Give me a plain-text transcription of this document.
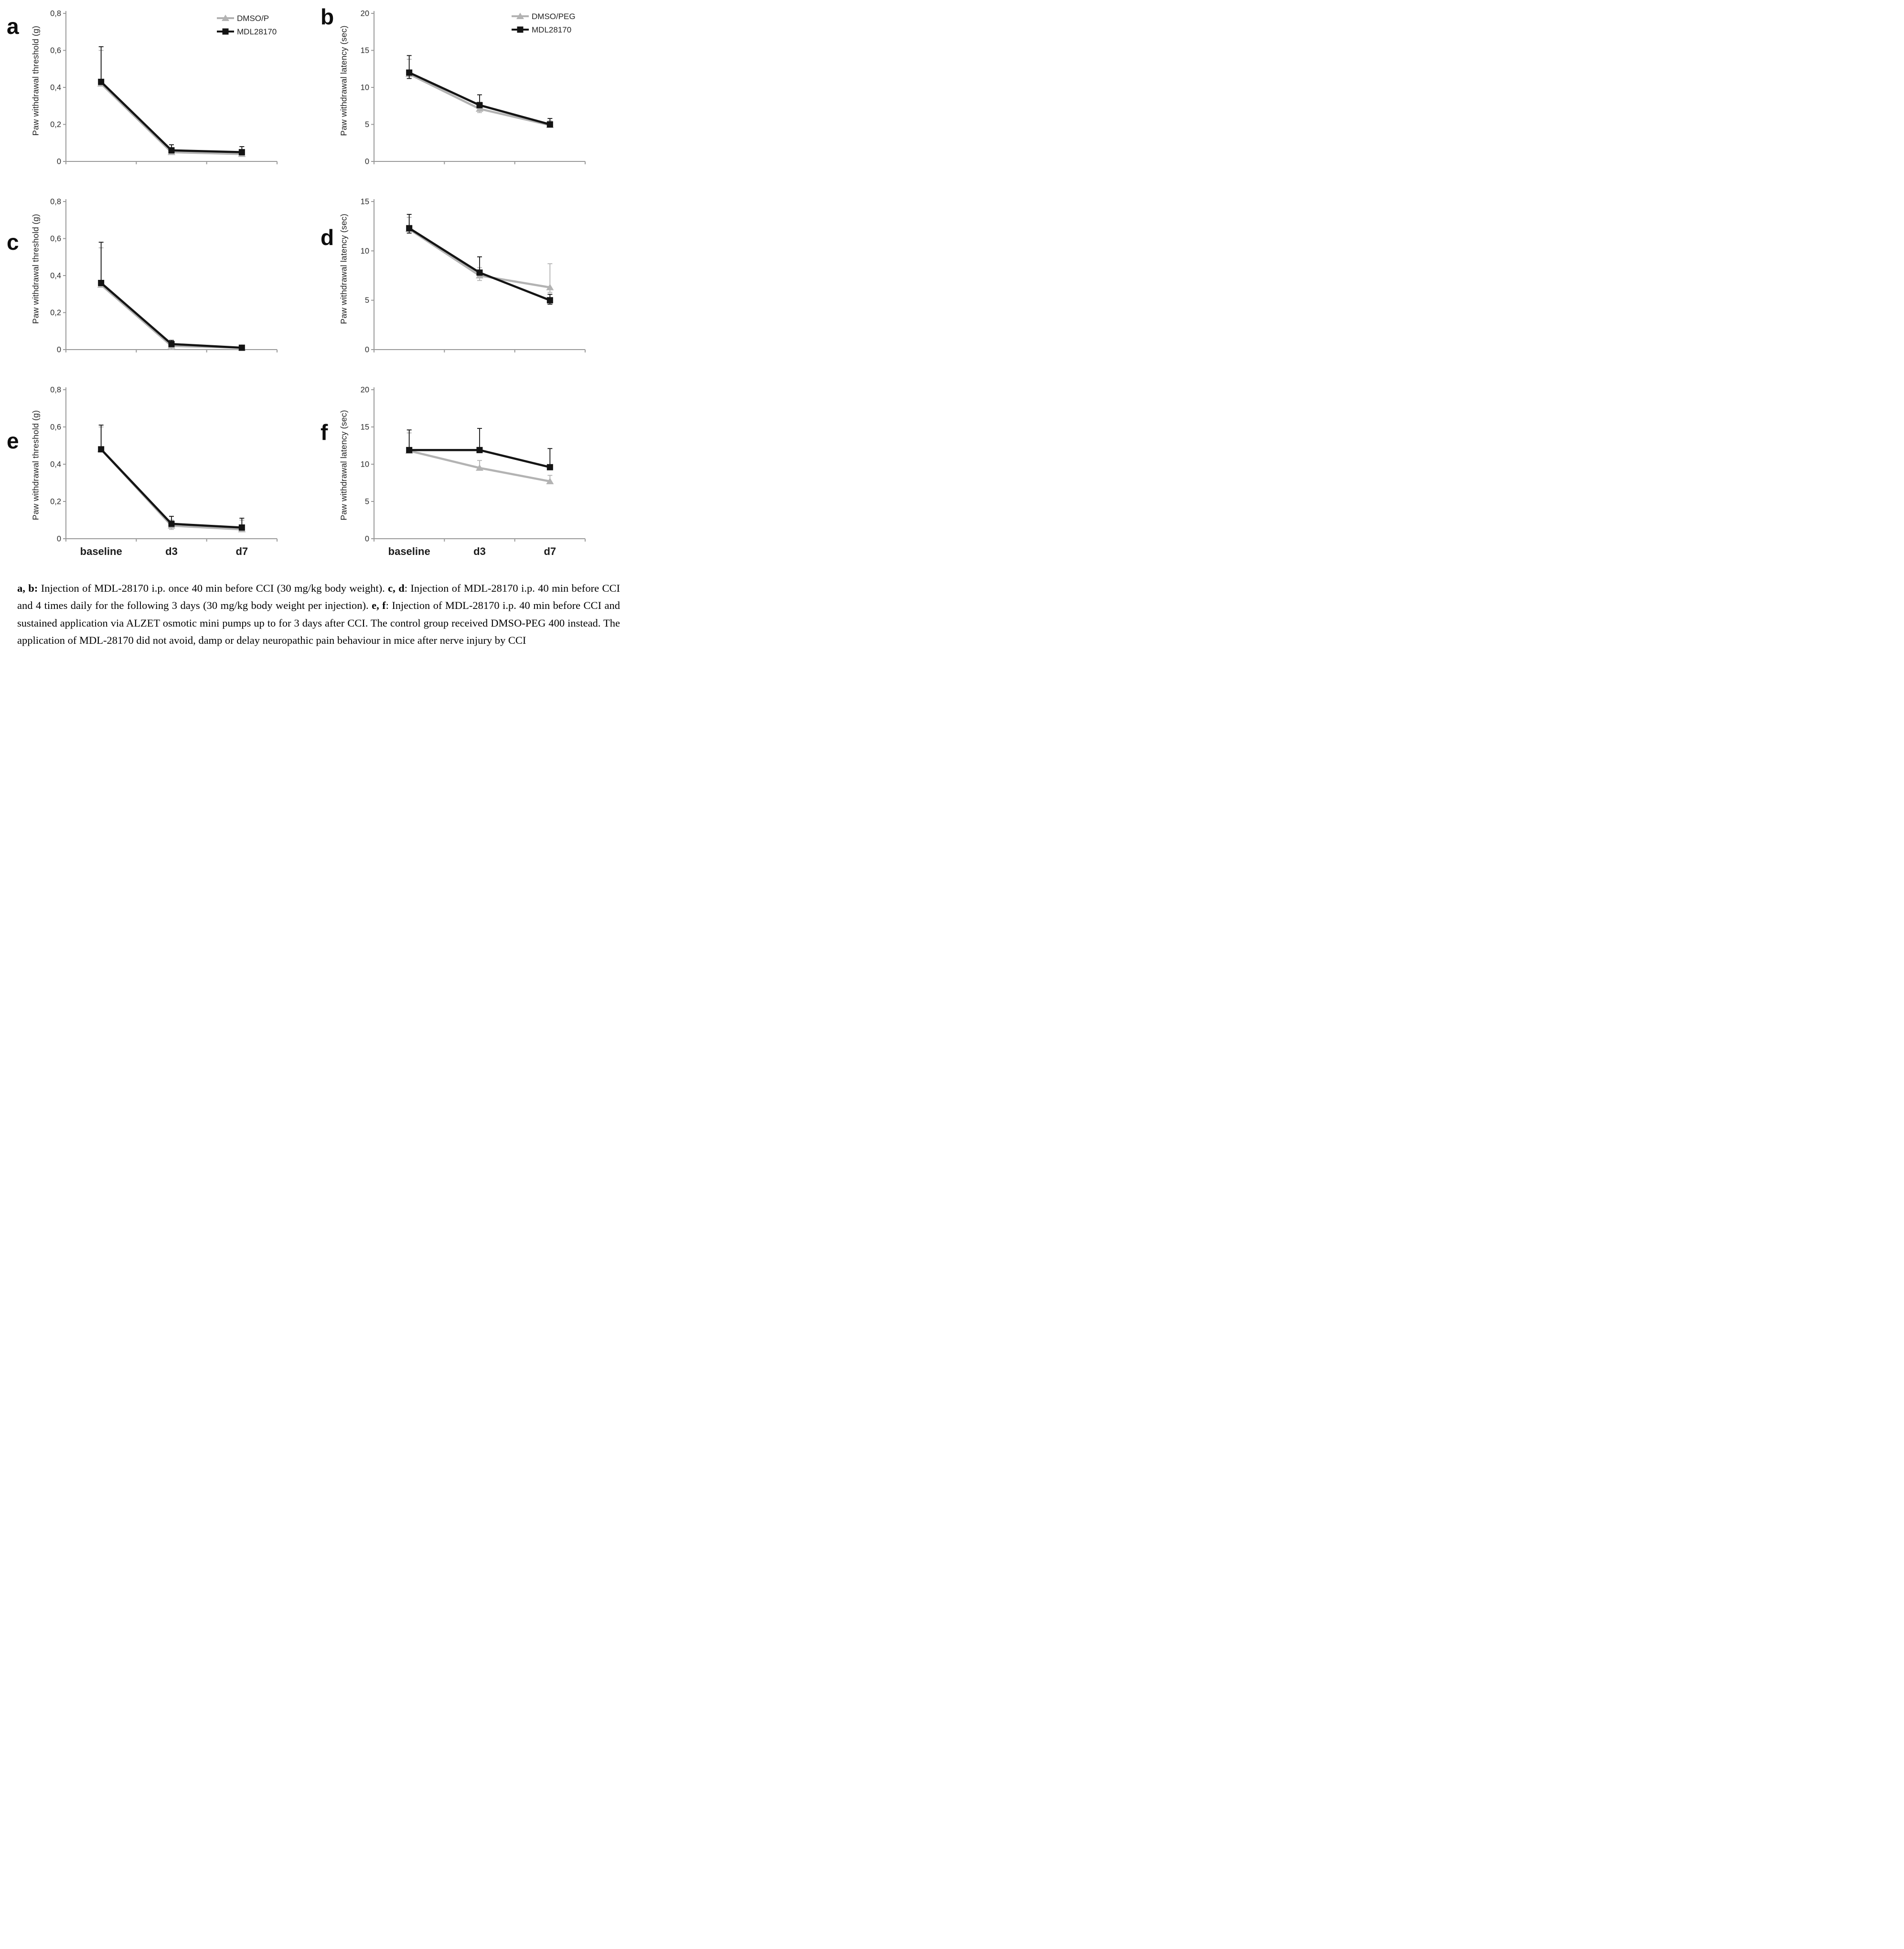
a Paw withdrawal threshold (g)
0
0,2
0,4
0,6
0,8
DMSO/P
MDL28170
b
Paw withdrawal latency (sec)
0
5
10
15
20	DMSO/PEG
MDL28170
c Paw withdrawal threshold (g)
0
0,2
0,4
0,6
0,8
d Paw withdrawal latency (sec)
0
5
10
15
e Paw withdrawal threshold (g)
0
0,2
0,4
0,6
0,8
baseline	d3	d7
f Paw withdrawal latency (sec)
0
5
10
15
20
baseline	d3	d7

a, b: Injection of MDL-28170 i.p. once 40 min before CCI (30 mg/kg body weight). c, d: Injection of MDL-28170 i.p. 40 min before CCI and 4 times daily for the following 3 days (30 mg/kg body weight per injection). e, f: Injection of MDL-28170 i.p. 40 min before CCI and sustained application via ALZET osmotic mini pumps up to for 3 days after CCI. The control group received DMSO-PEG 400 instead. The application of MDL-28170 did not avoid, damp or delay neuropathic pain behaviour in mice after nerve injury by CCI
